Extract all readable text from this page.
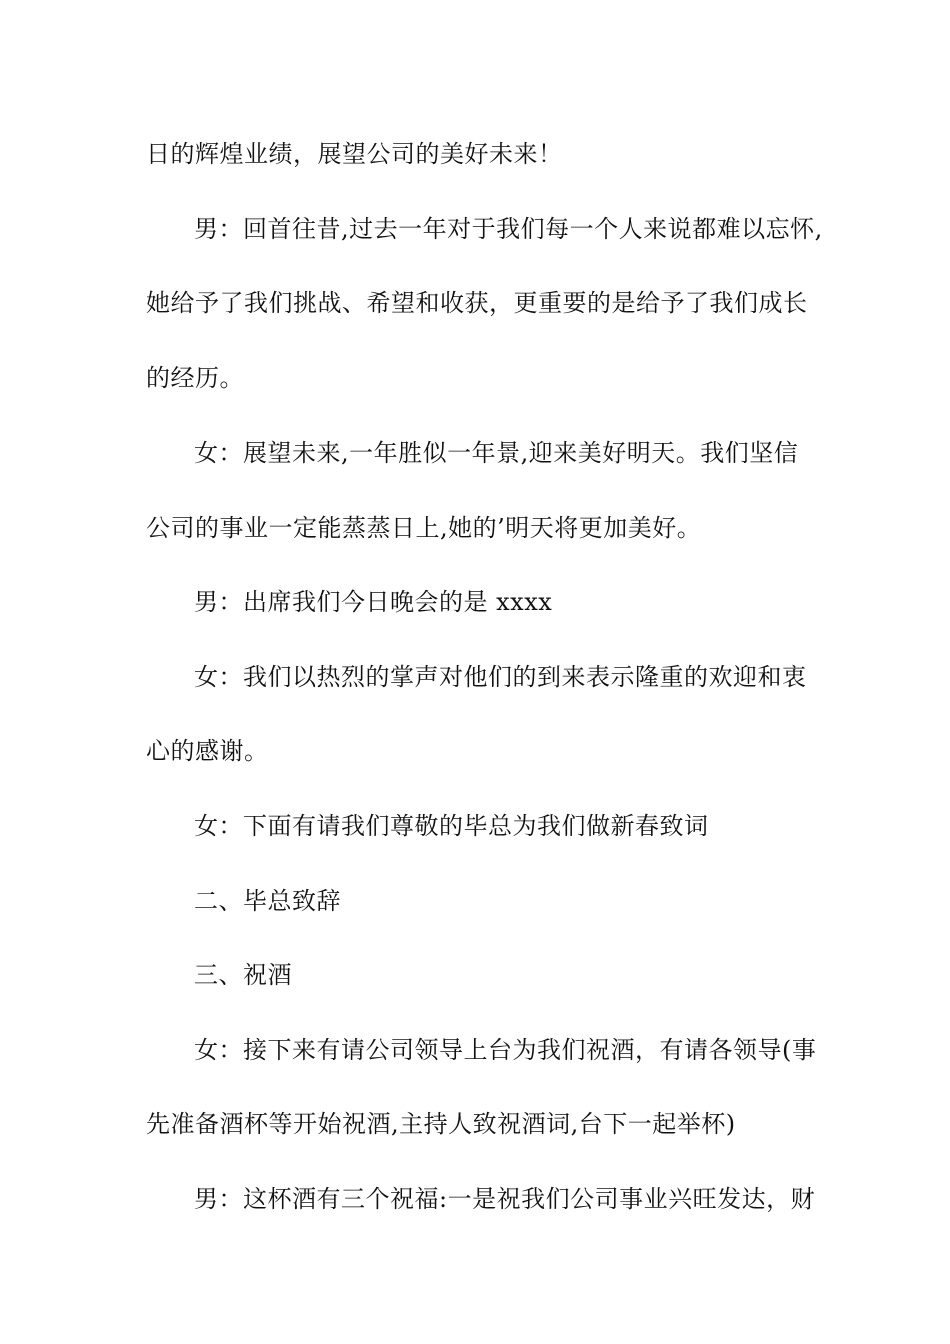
日的辉煌业绩，展望公司的美好未来！
男：回首往昔,过去一年对于我们每一个人来说都难以忘怀,
她给予了我们挑战、希望和收获，更重要的是给予了我们成长
的经历。
女：展望未来,一年胜似一年景,迎来美好明天。我们坚信
公司的事业一定能蒸蒸日上,她的’明天将更加美好。
男：出席我们今日晚会的是 xxxx
女：我们以热烈的掌声对他们的到来表示隆重的欢迎和衷
心的感谢。
女：下面有请我们尊敬的毕总为我们做新春致词
二、毕总致辞
三、祝酒
女：接下来有请公司领导上台为我们祝酒，有请各领导(事
先准备酒杯等开始祝酒,主持人致祝酒词,台下一起举杯)
男：这杯酒有三个祝福:一是祝我们公司事业兴旺发达，财
